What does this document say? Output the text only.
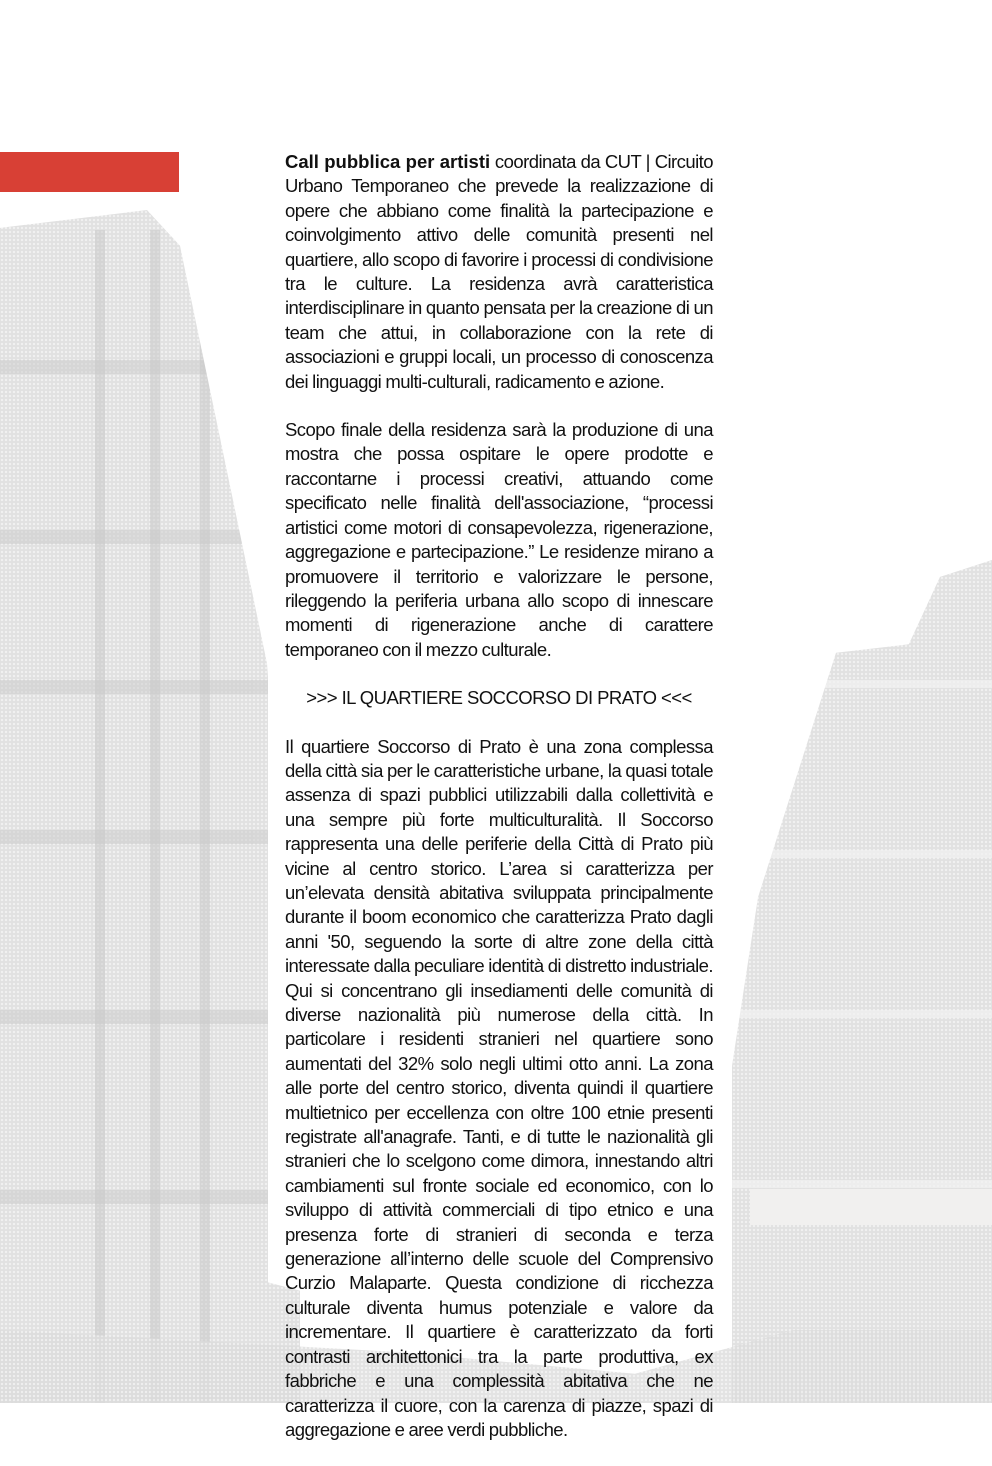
Call pubblica per artisti coordinata da CUT | Circuito Urbano Temporaneo che prevede la realizzazione di opere che abbiano come finalità la partecipazione e coinvolgimento attivo delle comunità presenti nel quartiere, allo scopo di favorire i processi di condivisione tra le culture. La residenza avrà caratteristica interdisciplinare in quanto pensata per la creazione di un team che attui, in collaborazione con la rete di associazioni e gruppi locali, un processo di conoscenza dei linguaggi multi-culturali, radicamento e azione.

Scopo finale della residenza sarà la produzione di una mostra che possa ospitare le opere prodotte e raccontarne i processi creativi, attuando come specificato nelle finalità dell'associazione, “processi artistici come motori di consapevolezza, rigenerazione, aggregazione e partecipazione.” Le residenze mirano a promuovere il territorio e valorizzare le persone, rileggendo la periferia urbana allo scopo di innescare momenti di rigenerazione anche di carattere temporaneo con il mezzo culturale.

>>> IL QUARTIERE SOCCORSO DI PRATO <<<

Il quartiere Soccorso di Prato è una zona complessa della città sia per le caratteristiche urbane, la quasi totale assenza di spazi pubblici utilizzabili dalla collettività e una sempre più forte multiculturalità. Il Soccorso rappresenta una delle periferie della Città di Prato più vicine al centro storico. L’area si caratterizza per un’elevata densità abitativa sviluppata principalmente durante il boom economico che caratterizza Prato dagli anni '50, seguendo la sorte di altre zone della città interessate dalla peculiare identità di distretto industriale. Qui si concentrano gli insediamenti delle comunità di diverse nazionalità più numerose della città. In particolare i residenti stranieri nel quartiere sono aumentati del 32% solo negli ultimi otto anni. La zona alle porte del centro storico, diventa quindi il quartiere multietnico per eccellenza con oltre 100 etnie presenti registrate all'anagrafe. Tanti, e di tutte le nazionalità gli stranieri che lo scelgono come dimora, innestando altri cambiamenti sul fronte sociale ed economico, con lo sviluppo di attività commerciali di tipo etnico e una presenza forte di stranieri di seconda e terza generazione all’interno delle scuole del Comprensivo Curzio Malaparte. Questa condizione di ricchezza culturale diventa humus potenziale e valore da incrementare. Il quartiere è caratterizzato da forti contrasti architettonici tra la parte produttiva, ex fabbriche e una complessità abitativa che ne caratterizza il cuore, con la carenza di piazze, spazi di aggregazione e aree verdi pubbliche.
